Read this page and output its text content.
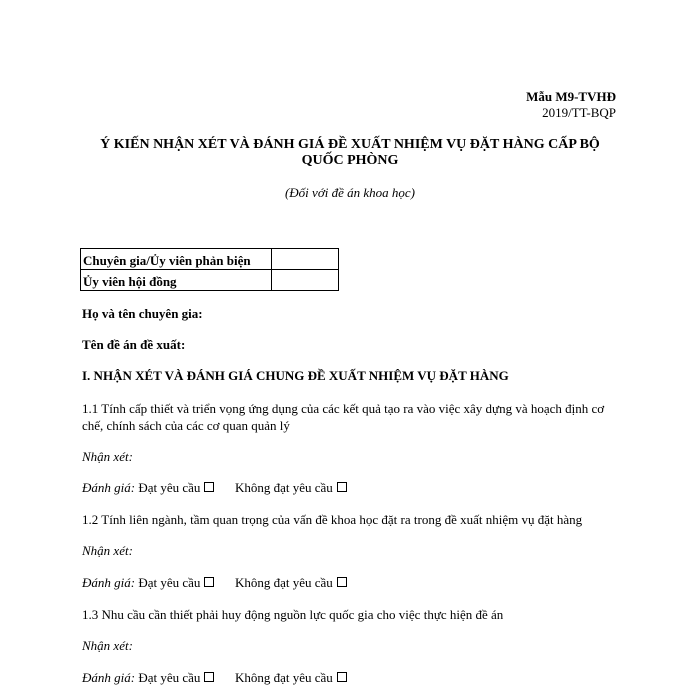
Mẫu M9-TVHĐ
2019/TT-BQP
Ý KIẾN NHẬN XÉT VÀ ĐÁNH GIÁ ĐỀ XUẤT NHIỆM VỤ ĐẶT HÀNG CẤP BỘ
QUỐC PHÒNG
(Đối với đề án khoa học)
Chuyên gia/Ủy viên phản biện	
Ủy viên hội đồng	
Họ và tên chuyên gia:
Tên đề án đề xuất:
I. NHẬN XÉT VÀ ĐÁNH GIÁ CHUNG ĐỀ XUẤT NHIỆM VỤ ĐẶT HÀNG
1.1 Tính cấp thiết và triển vọng ứng dụng của các kết quả tạo ra vào việc xây dựng và hoạch định cơ chế, chính sách của các cơ quan quản lý
Nhận xét:
Đánh giá: Đạt yêu cầu	Không đạt yêu cầu
1.2 Tính liên ngành, tầm quan trọng của vấn đề khoa học đặt ra trong đề xuất nhiệm vụ đặt hàng
Nhận xét:
Đánh giá: Đạt yêu cầu	Không đạt yêu cầu
1.3 Nhu cầu cần thiết phải huy động nguồn lực quốc gia cho việc thực hiện đề án
Nhận xét:
Đánh giá: Đạt yêu cầu	Không đạt yêu cầu
